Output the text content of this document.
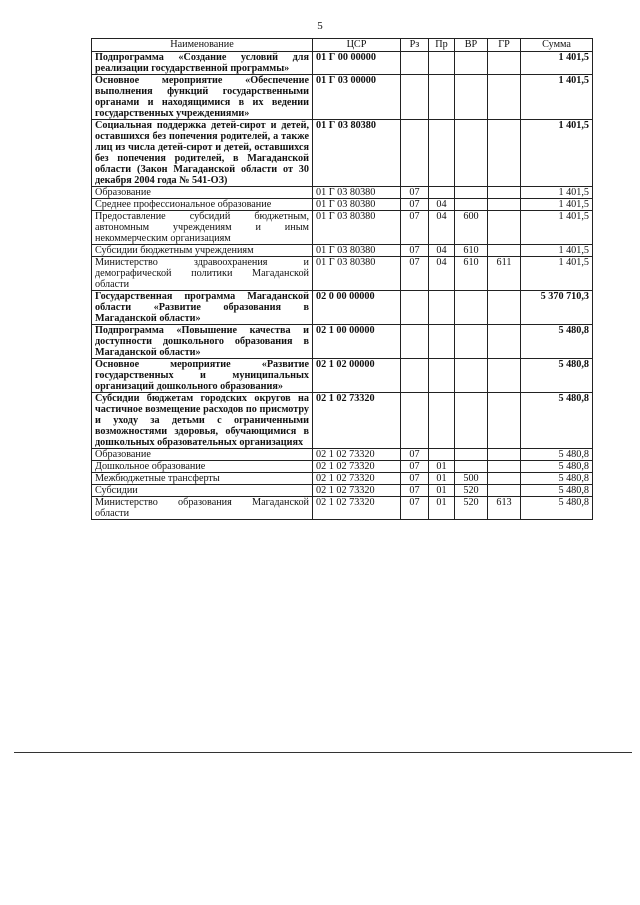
5
Наименование	ЦСР	Рз	Пр	ВР	ГР	Сумма
Подпрограмма «Создание условий для реализации государственной программы»	01 Г 00 00000					1 401,5
Основное мероприятие «Обеспечение выполнения функций государственными органами и находящимися в их ведении государственных учреждениями»	01 Г 03 00000					1 401,5
Социальная поддержка детей-сирот и детей, оставшихся без попечения родителей, а также лиц из числа детей-сирот и детей, оставшихся без попечения родителей, в Магаданской области (Закон Магаданской области от 30 декабря 2004 года № 541-ОЗ)	01 Г 03 80380					1 401,5
Образование	01 Г 03 80380	07				1 401,5
Среднее профессиональное образование	01 Г 03 80380	07	04			1 401,5
Предоставление субсидий бюджетным, автономным учреждениям и иным некоммерческим организациям	01 Г 03 80380	07	04	600		1 401,5
Субсидии бюджетным учреждениям	01 Г 03 80380	07	04	610		1 401,5
Министерство здравоохранения и демографической политики Магаданской области	01 Г 03 80380	07	04	610	611	1 401,5
Государственная программа Магаданской области «Развитие образования в Магаданской области»	02 0 00 00000					5 370 710,3
Подпрограмма «Повышение качества и доступности дошкольного образования в Магаданской области»	02 1 00 00000					5 480,8
Основное мероприятие «Развитие государственных и муниципальных организаций дошкольного образования»	02 1 02 00000					5 480,8
Субсидии бюджетам городских округов на частичное возмещение расходов по присмотру и уходу за детьми с ограниченными возможностями здоровья, обучающимися в дошкольных образовательных организациях	02 1 02 73320					5 480,8
Образование	02 1 02 73320	07				5 480,8
Дошкольное образование	02 1 02 73320	07	01			5 480,8
Межбюджетные трансферты	02 1 02 73320	07	01	500		5 480,8
Субсидии	02 1 02 73320	07	01	520		5 480,8
Министерство образования Магаданской области	02 1 02 73320	07	01	520	613	5 480,8
